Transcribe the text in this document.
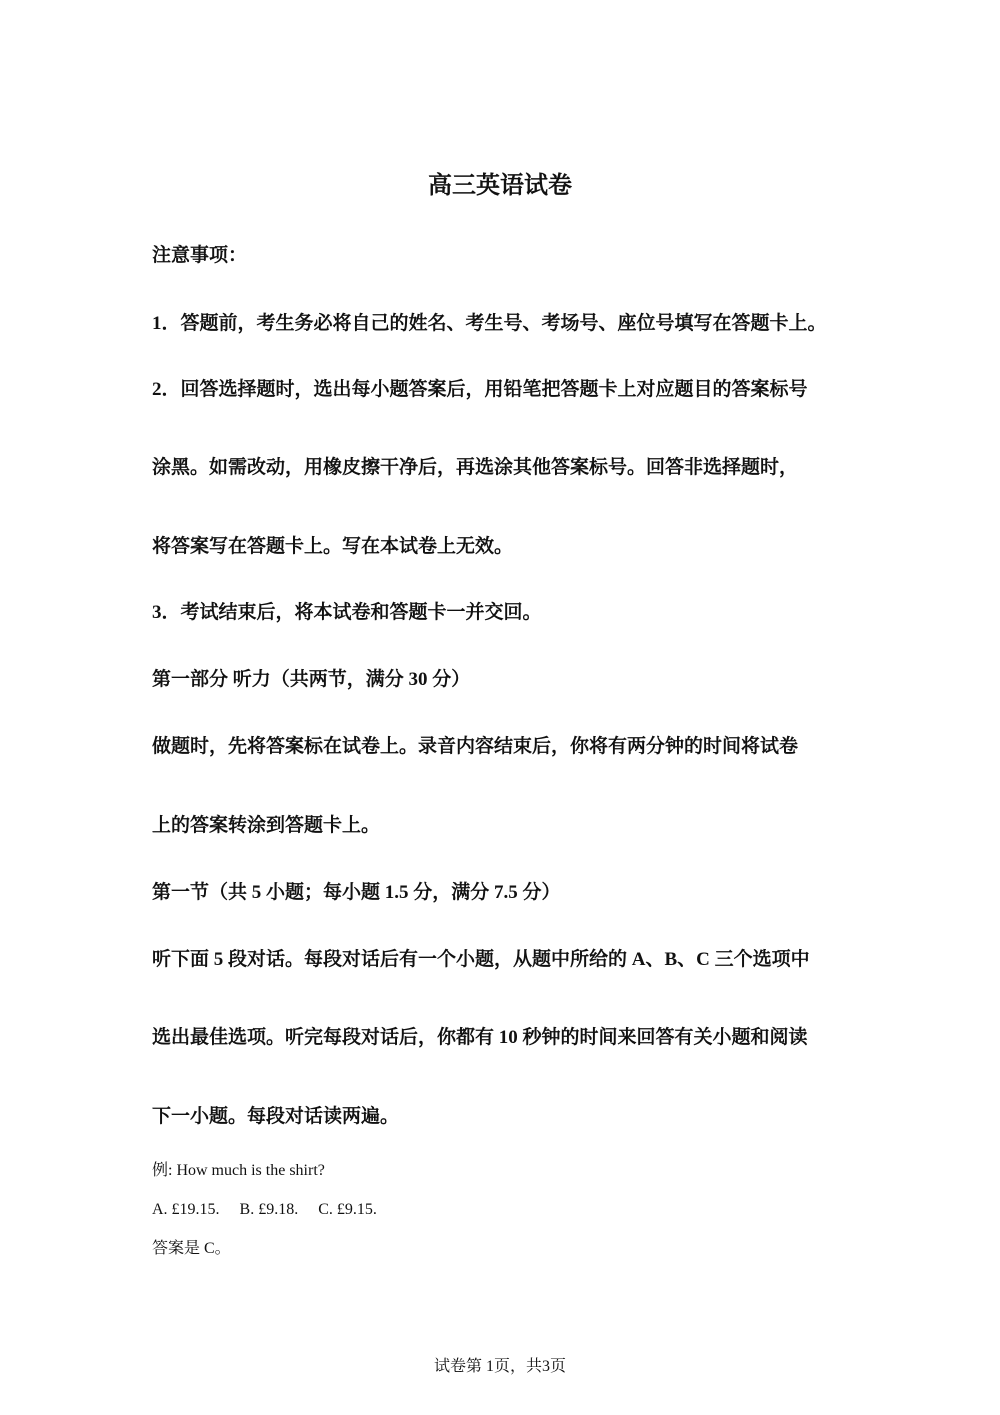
高三英语试卷
注意事项：
1．答题前，考生务必将自己的姓名、考生号、考场号、座位号填写在答题卡上。
2．回答选择题时，选出每小题答案后，用铅笔把答题卡上对应题目的答案标号
涂黑。如需改动，用橡皮擦干净后，再选涂其他答案标号。回答非选择题时，
将答案写在答题卡上。写在本试卷上无效。
3．考试结束后，将本试卷和答题卡一并交回。
第一部分 听力（共两节，满分 30 分）
做题时，先将答案标在试卷上。录音内容结束后，你将有两分钟的时间将试卷
上的答案转涂到答题卡上。
第一节（共 5 小题；每小题 1.5 分，满分 7.5 分）
听下面 5 段对话。每段对话后有一个小题，从题中所给的 A、B、C 三个选项中
选出最佳选项。听完每段对话后，你都有 10 秒钟的时间来回答有关小题和阅读
下一小题。每段对话读两遍。
例: How much is the shirt?
A. £19.15.     B. £9.18.     C. £9.15.
答案是 C。
试卷第 1页，共3页
